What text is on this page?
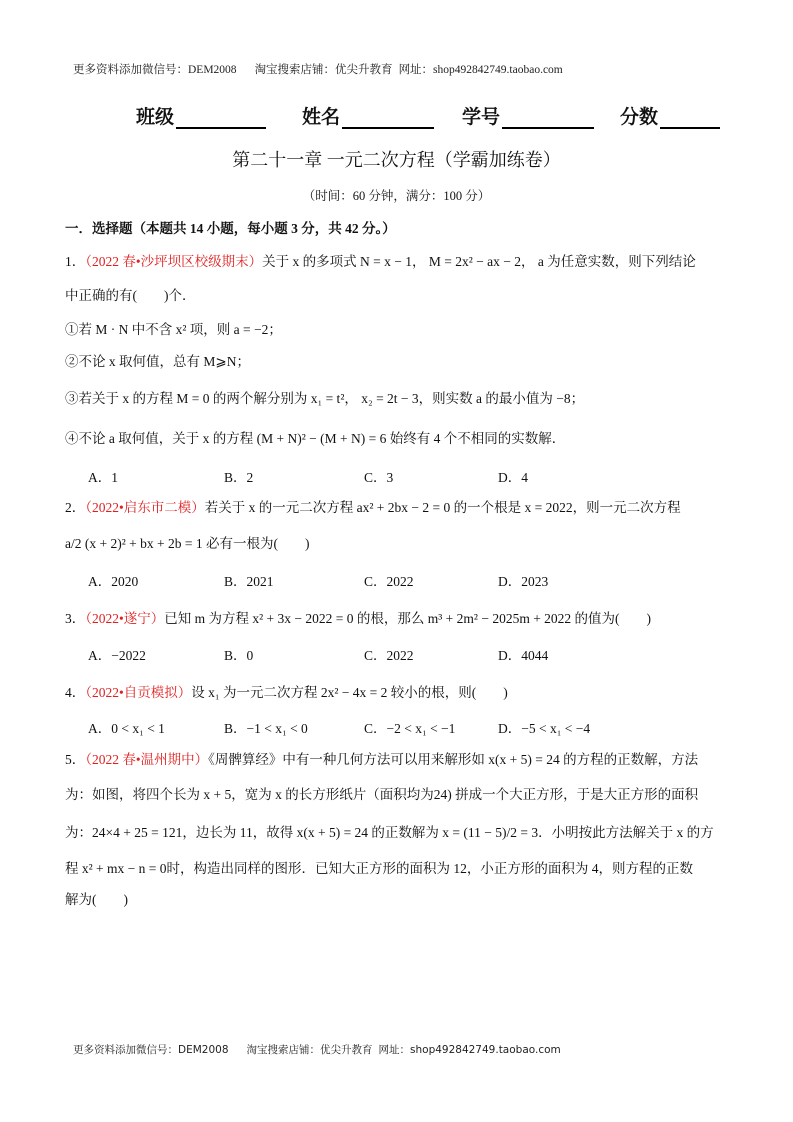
更多资料添加微信号：DEM2008 淘宝搜索店铺：优尖升教育 网址：shop492842749.taobao.com
班级	姓名	学号	分数
第二十一章 一元二次方程（学霸加练卷）
（时间：60 分钟，满分：100 分）
一．选择题（本题共 14 小题，每小题 3 分，共 42 分。）
1．（2022 春•沙坪坝区校级期末）关于 x 的多项式 N = x − 1， M = 2x² − ax − 2， a 为任意实数，则下列结论
中正确的有(　　)个．
①若 M · N 中不含 x² 项，则 a = −2；
②不论 x 取何值，总有 M⩾N；
③若关于 x 的方程 M = 0 的两个解分别为 x₁ = t²， x₂ = 2t − 3，则实数 a 的最小值为 −8；
④不论 a 取何值，关于 x 的方程 (M + N)² − (M + N) = 6 始终有 4 个不相同的实数解．
A．1	B．2	C．3	D．4
2．（2022•启东市二模）若关于 x 的一元二次方程 ax² + 2bx − 2 = 0 的一个根是 x = 2022，则一元二次方程
a/2 (x + 2)² + bx + 2b = 1 必有一根为(　　)
A．2020	B．2021	C．2022	D．2023
3．（2022•遂宁）已知 m 为方程 x² + 3x − 2022 = 0 的根，那么 m³ + 2m² − 2025m + 2022 的值为(　　)
A．−2022	B．0	C．2022	D．4044
4．（2022•自贡模拟）设 x₁ 为一元二次方程 2x² − 4x = 2 较小的根，则(　　)
A．0 < x₁ < 1	B．−1 < x₁ < 0	C．−2 < x₁ < −1	D．−5 < x₁ < −4
5．（2022 春•温州期中）《周髀算经》中有一种几何方法可以用来解形如 x(x + 5) = 24 的方程的正数解，方法
为：如图，将四个长为 x + 5，宽为 x 的长方形纸片（面积均为24) 拼成一个大正方形，于是大正方形的面积
为：24×4 + 25 = 121，边长为 11，故得 x(x + 5) = 24 的正数解为 x = (11 − 5)/2 = 3．小明按此方法解关于 x 的方
程 x² + mx − n = 0时，构造出同样的图形．已知大正方形的面积为 12，小正方形的面积为 4，则方程的正数
解为(　　)
更多资料添加微信号：DEM2008 淘宝搜索店铺：优尖升教育 网址：shop492842749.taobao.com
